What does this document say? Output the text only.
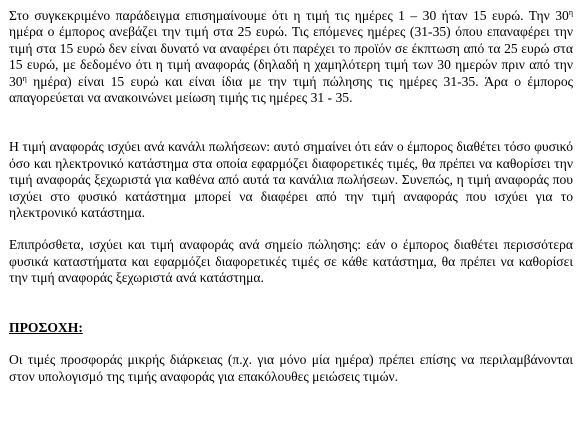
Στο συγκεκριμένο παράδειγμα επισημαίνουμε ότι η τιμή τις ημέρες 1 – 30 ήταν 15 ευρώ. Την $30^\eta$ ημέρα ο έμπορος ανεβάζει την τιμή στα 25 ευρώ. Τις επόμενες ημέρες (31-35) όπου επαναφέρει την τιμή στα 15 ευρώ δεν είναι δυνατό να αναφέρει ότι παρέχει το προϊόν σε έκπτωση από τα 25 ευρώ στα 15 ευρώ, με δεδομένο ότι η τιμή αναφοράς (δηλαδή η χαμηλότερη τιμή των 30 ημερών πριν από την $30^\eta$ ημέρα) είναι 15 ευρώ και είναι ίδια με την τιμή πώλησης τις ημέρες 31-35. Άρα ο έμπορος απαγορεύεται να ανακοινώνει μείωση τιμής τις ημέρες 31 - 35.

Η τιμή αναφοράς ισχύει ανά κανάλι πωλήσεων: αυτό σημαίνει ότι εάν ο έμπορος διαθέτει τόσο φυσικό όσο και ηλεκτρονικό κατάστημα στα οποία εφαρμόζει διαφορετικές τιμές, θα πρέπει να καθορίσει την τιμή αναφοράς ξεχωριστά για καθένα από αυτά τα κανάλια πωλήσεων. Συνεπώς, η τιμή αναφοράς που ισχύει στο φυσικό κατάστημα μπορεί να διαφέρει από την τιμή αναφοράς που ισχύει για το ηλεκτρονικό κατάστημα.

Επιπρόσθετα, ισχύει και τιμή αναφοράς ανά σημείο πώλησης: εάν ο έμπορος διαθέτει περισσότερα φυσικά καταστήματα και εφαρμόζει διαφορετικές τιμές σε κάθε κατάστημα, θα πρέπει να καθορίσει την τιμή αναφοράς ξεχωριστά ανά κατάστημα.

ΠΡΟΣΟΧΗ:

Οι τιμές προσφοράς μικρής διάρκειας (π.χ. για μόνο μία ημέρα) πρέπει επίσης να περιλαμβάνονται στον υπολογισμό της τιμής αναφοράς για επακόλουθες μειώσεις τιμών.
